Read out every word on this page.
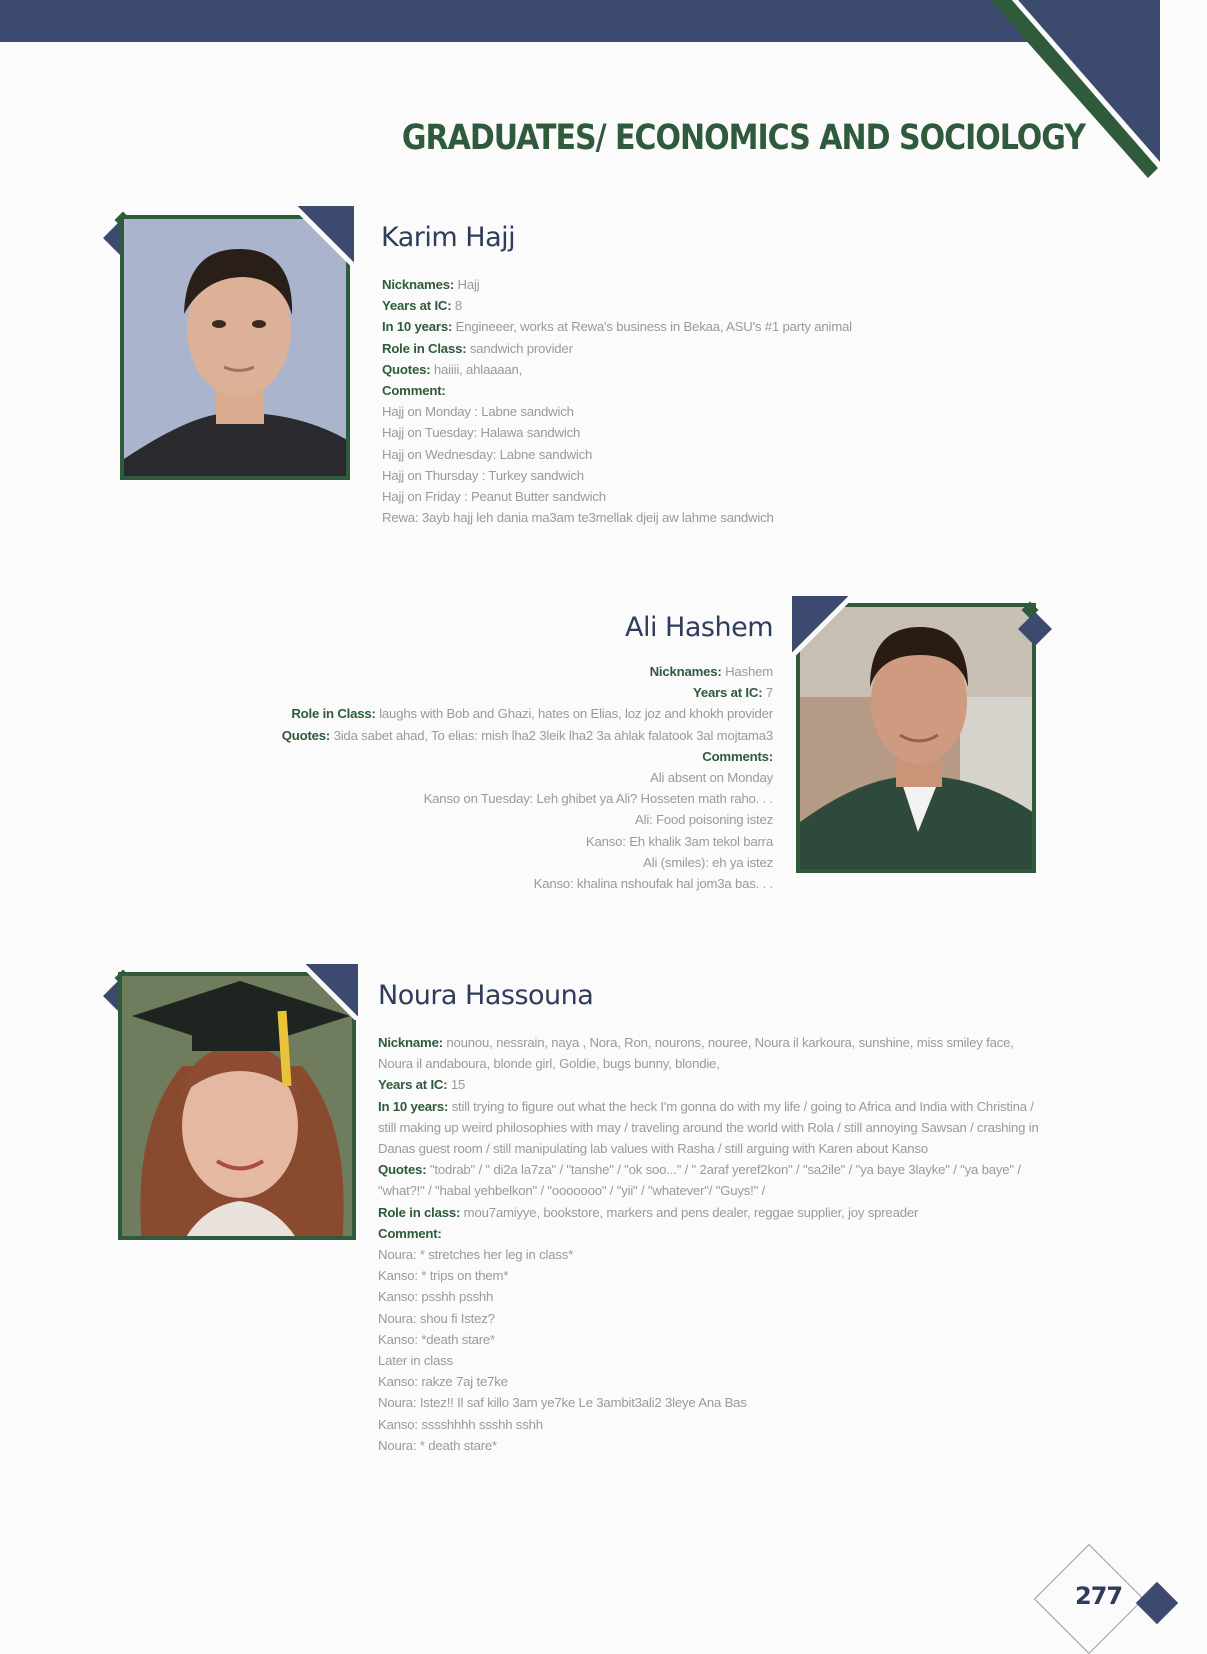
GRADUATES/ ECONOMICS AND SOCIOLOGY
Karim Hajj
Nicknames: Hajj
Years at IC: 8
In 10 years: Engineeer, works at Rewa's business in Bekaa, ASU's #1 party animal
Role in Class: sandwich provider
Quotes: haiiii, ahlaaaan,
Comment:
Hajj on Monday : Labne sandwich
Hajj on Tuesday: Halawa sandwich
Hajj on Wednesday: Labne sandwich
Hajj on Thursday : Turkey sandwich
Hajj on Friday : Peanut Butter sandwich
Rewa: 3ayb hajj leh dania ma3am te3mellak djeij aw lahme sandwich
Ali Hashem
Nicknames: Hashem
Years at IC: 7
Role in Class: laughs with Bob and Ghazi, hates on Elias, loz joz and khokh provider
Quotes: 3ida sabet ahad, To elias: mish lha2 3leik lha2 3a ahlak falatook 3al mojtama3
Comments:
Ali absent on Monday
Kanso on Tuesday: Leh ghibet ya Ali? Hosseten math raho. . .
Ali: Food poisoning istez
Kanso: Eh khalik 3am tekol barra
Ali (smiles): eh ya istez
Kanso: khalina nshoufak hal jom3a bas. . .
Noura Hassouna
Nickname: nounou, nessrain, naya , Nora, Ron, nourons, nouree, Noura il karkoura, sunshine, miss smiley face, Noura il andaboura, blonde girl, Goldie, bugs bunny, blondie,
Years at IC: 15
In 10 years: still trying to figure out what the heck I'm gonna do with my life / going to Africa and India with Christina / still making up weird philosophies with may / traveling around the world with Rola / still annoying Sawsan / crashing in Danas guest room / still manipulating lab values with Rasha / still arguing with Karen about Kanso
Quotes: "todrab" / " di2a la7za" / "tanshe" / "ok soo..." / " 2araf yeref2kon" / "sa2ile" / "ya baye 3layke" / "ya baye" / "what?!" / "habal yehbelkon" / "ooooooo" / "yii" / "whatever"/ "Guys!" /
Role in class: mou7amiyye, bookstore, markers and pens dealer, reggae supplier, joy spreader
Comment:
Noura: * stretches her leg in class*
Kanso: * trips on them*
Kanso: psshh psshh
Noura: shou fi Istez?
Kanso: *death stare*
Later in class
Kanso: rakze 7aj te7ke
Noura: Istez!! Il saf killo 3am ye7ke Le 3ambit3ali2 3leye Ana Bas
Kanso: sssshhhh ssshh sshh
Noura: * death stare*
277
